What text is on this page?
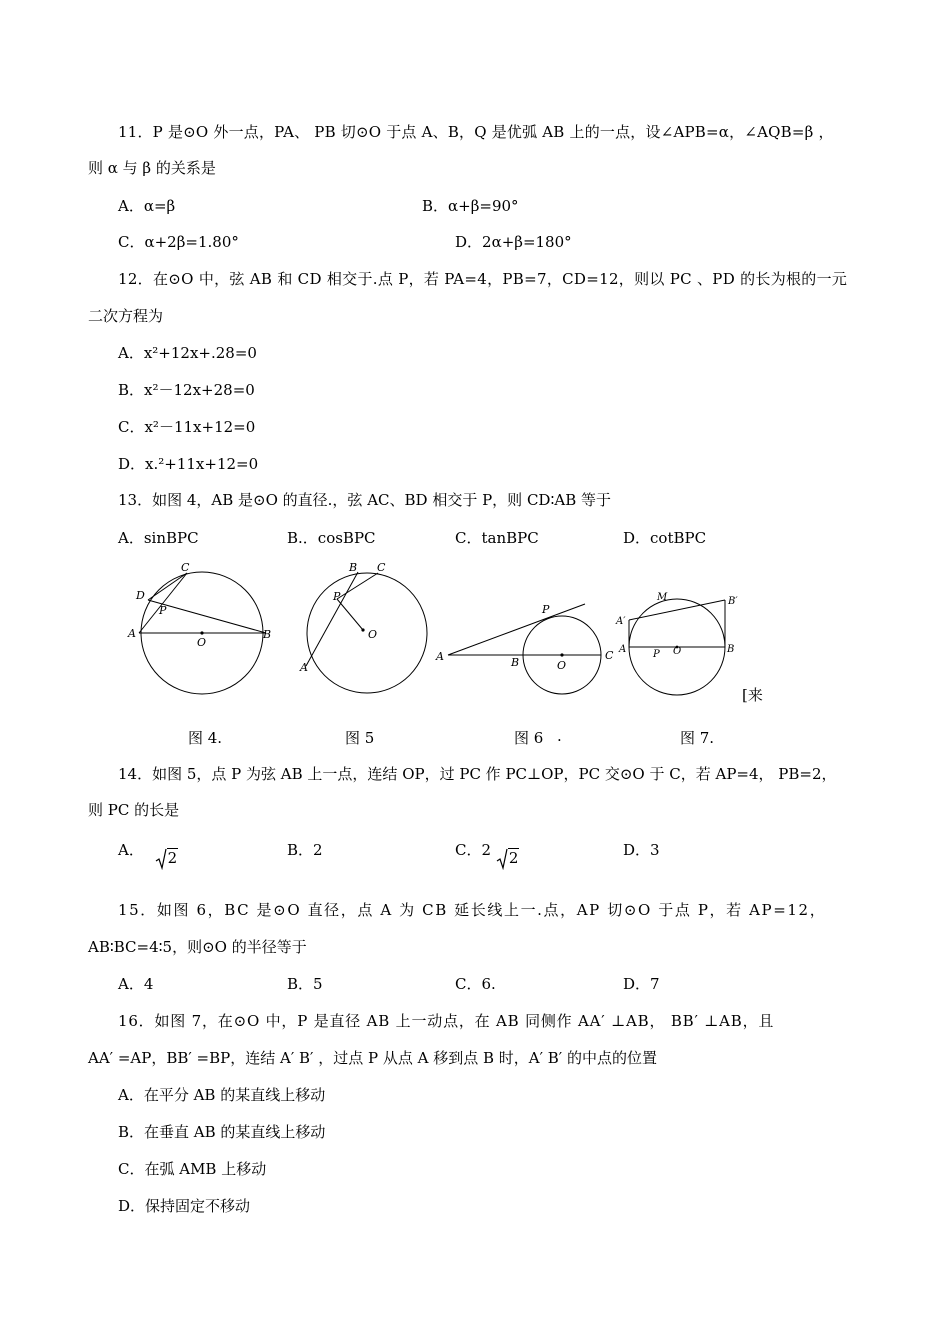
11．P 是⊙O 外一点，PA、 PB 切⊙O 于点 A、B，Q 是优弧 AB 上的一点，设∠APB=α，∠AQB=β ，
则 α 与 β 的关系是
A．α=β	B．α+β=90°
C．α+2β=1.80°	D．2α+β=180°
12．在⊙O 中，弦 AB 和 CD 相交于.点 P，若 PA=4，PB=7，CD=12，则以 PC 、PD 的长为根的一元
二次方程为
A．x²+12x+.28=0
B．x²－12x+28=0
C．x²－11x+12=0
D．x.²+11x+12=0
13．如图 4，AB 是⊙O 的直径.，弦 AC、BD 相交于 P，则 CD∶AB 等于
A．sinBPC	B.．cosBPC	C．tanBPC	D．cotBPC
C
D
P
A
O
B
B C
P
O
A
P
A	B	O
C
M	B′
A′
A	P O	B
[来
图 4.	图 5	图 6 .	图 7.
14．如图 5，点 P 为弦 AB 上一点，连结 OP，过 PC 作 PC⊥OP，PC 交⊙O 于 C，若 AP=4， PB=2，
则 PC 的长是
A． 2	B．2	C．2 2	D．3
15．如图 6，BC 是⊙O 直径，点 A 为 CB 延长线上一.点，AP 切⊙O 于点 P，若 AP=12，
AB∶BC=4∶5，则⊙O 的半径等于
A．4	B．5	C．6.	D．7
16．如图 7，在⊙O 中，P 是直径 AB 上一动点，在 AB 同侧作 AA′ ⊥AB， BB′ ⊥AB，且
AA′ =AP，BB′ =BP，连结 A′ B′ ，过点 P 从点 A 移到点 B 时，A′ B′ 的中点的位置
A．在平分 AB 的某直线上移动
B．在垂直 AB 的某直线上移动
C．在弧 AMB 上移动
D．保持固定不移动
